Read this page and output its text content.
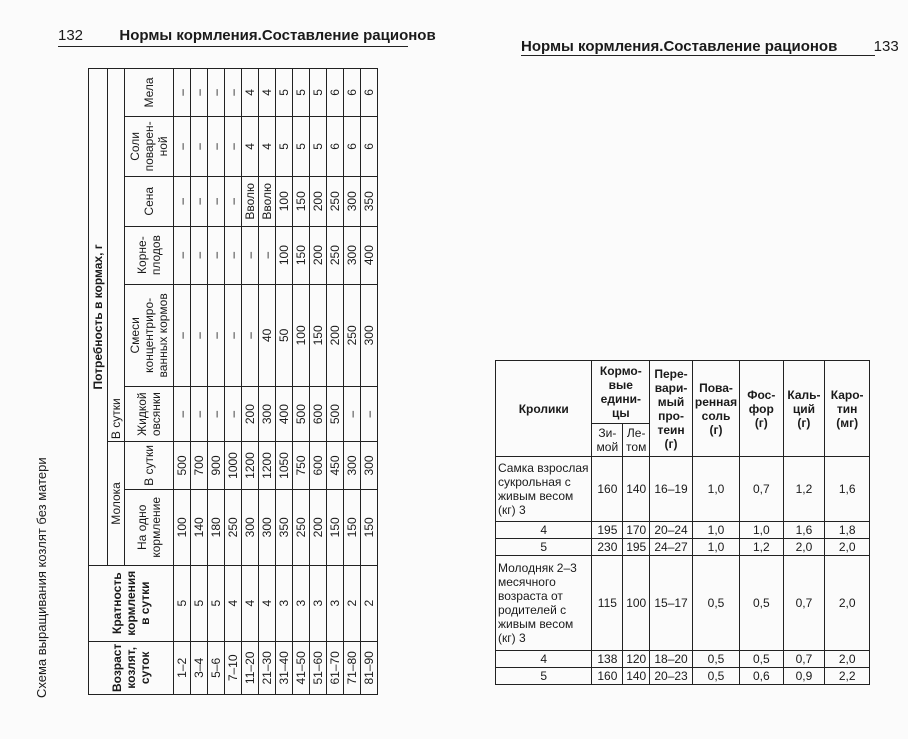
132 Нормы кормления.Составление рационов
Схема выращивания козлят без матери	Возраст козлят, суток	Кратность кормления в сутки	Потребность в кормах, г							
		Молока		В сутки					
		На одно кормление	В сутки	Жидкой овсянки	Смеси концентриро-ванных кормов	Корне-плодов	Сена	Соли поварен-ной	Мела
1–2	5	100	500	–	–	–	–	–	–
3–4	5	140	700	–	–	–	–	–	–
5–6	5	180	900	–	–	–	–	–	–
7–10	4	250	1000	–	–	–	–	–	–
11–20	4	300	1200	200	–	–	Вволю	4	4
21–30	4	300	1200	300	40	–	Вволю	4	4
31–40	3	350	1050	400	50	100	100	5	5
41–50	3	250	750	500	100	150	150	5	5
51–60	3	200	600	600	150	200	200	5	5
61–70	3	150	450	500	200	250	250	6	6
71–80	2	150	300	–	250	300	300	6	6
81–90	2	150	300	–	300	400	350	6	6
Нормы кормления.Составление рационов 133
Кролики	Кормо-вые едини-цы		Пере-вари-мый про-теин (г)	Пова-ренная соль (г)	Фос-фор (г)	Каль-ций (г)	Каро-тин (мг)
	Зи-мой	Ле-том					
Самка взрослая сукрольная с живым весом (кг) 3	160	140	16–19	1,0	0,7	1,2	1,6
4	195	170	20–24	1,0	1,0	1,6	1,8
5	230	195	24–27	1,0	1,2	2,0	2,0
Молодняк 2–3 месячного возраста от родителей с живым весом (кг) 3	115	100	15–17	0,5	0,5	0,7	2,0
4	138	120	18–20	0,5	0,5	0,7	2,0
5	160	140	20–23	0,5	0,6	0,9	2,2
